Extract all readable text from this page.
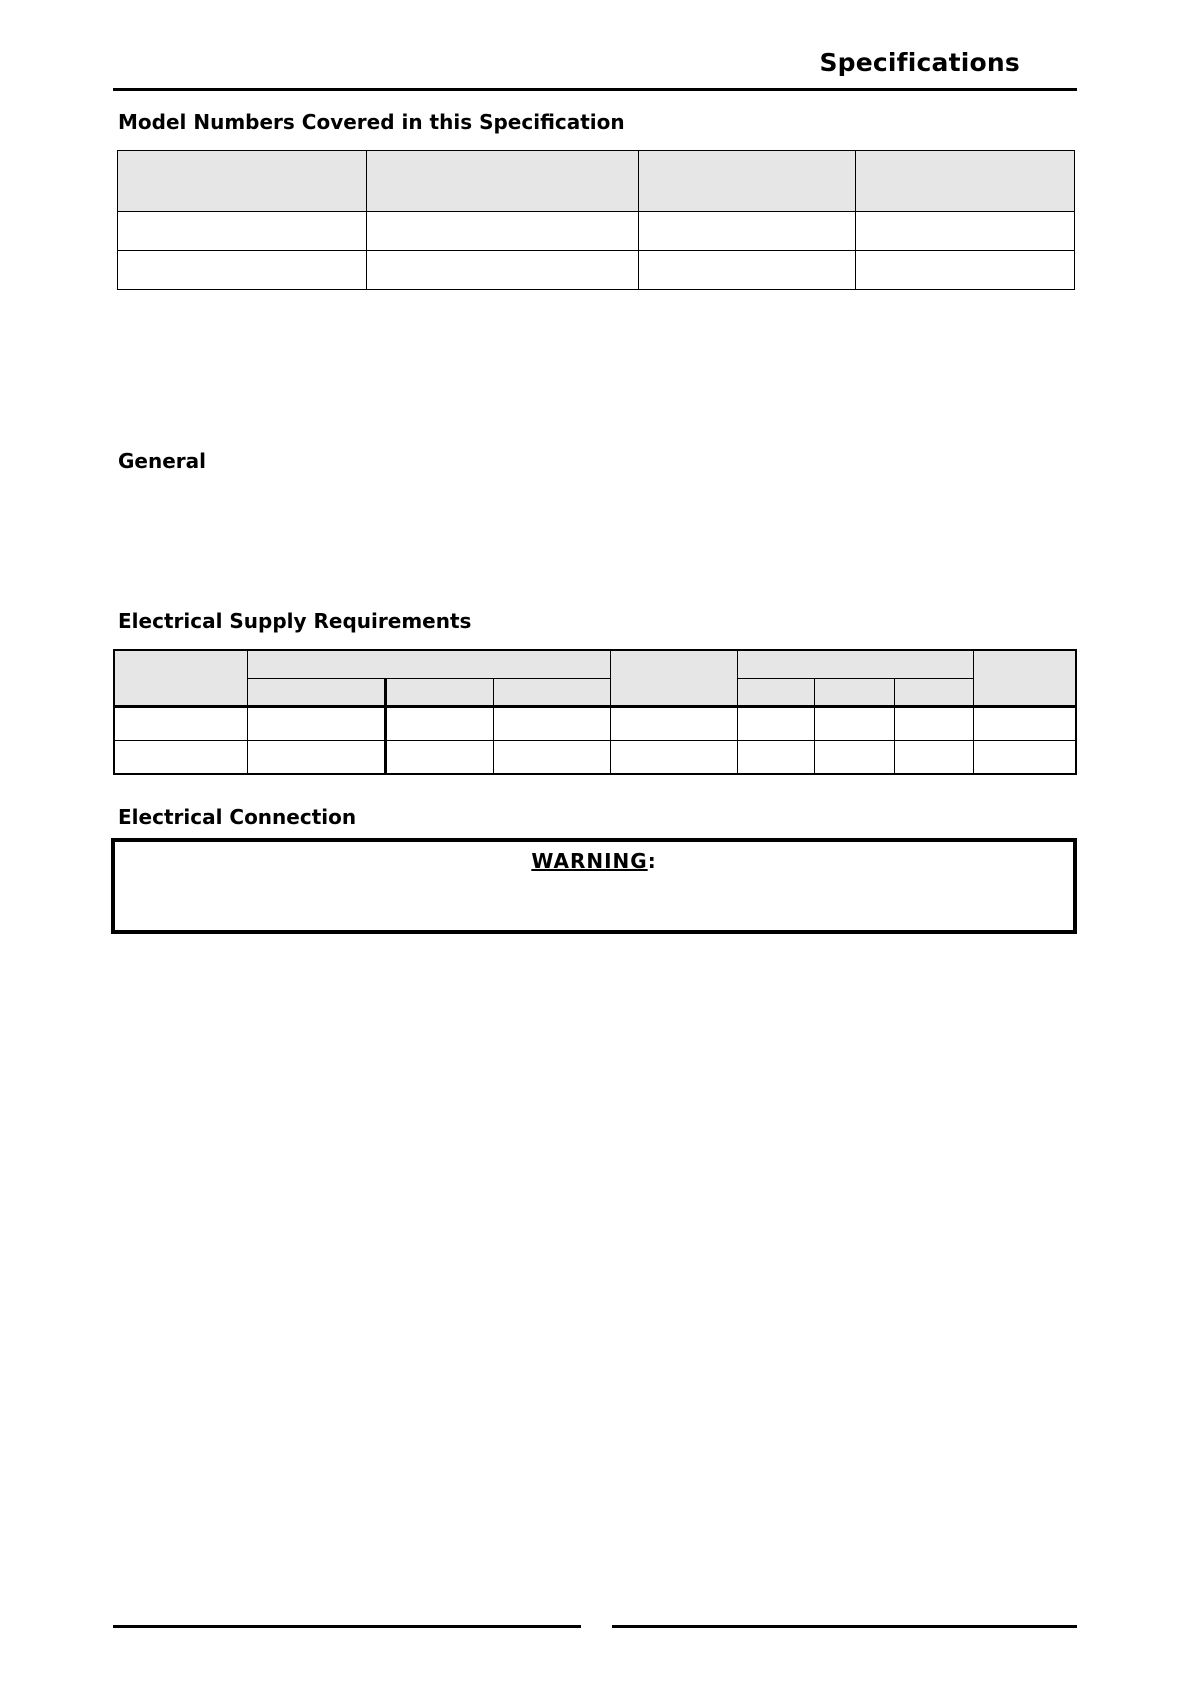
Specifications
Model Numbers Covered in this Specification

General
Electrical Supply Requirements

Electrical Connection
WARNING:
